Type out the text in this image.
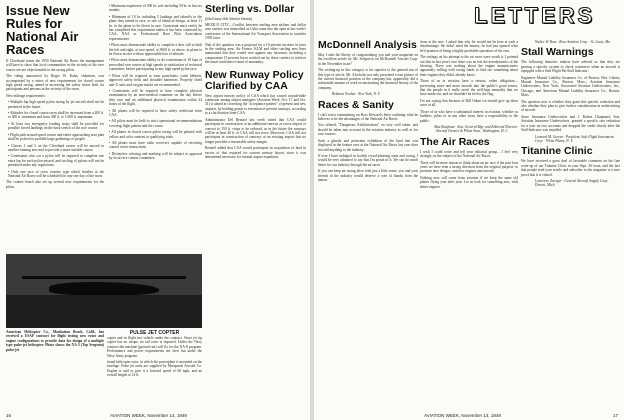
Issue New Rules for National Air Races

If Cleveland wants the 1950 National Air Races the management will have to show that local communities in the vicinity of the race course are not objectionable to the racing pilots.

The ruling announced by Roger W. Kahn, chairman, was accompanied by a series of new requirements for closed course high speed racing, aimed at increasing the safety factor both for participants and persons in the vicinity of the races.

New mileage requirements:

• Multiple lap high speed pylon racing by jet aircraft shall not be permitted in the future.

• Altitudes for closed course races shall be increased from a 200 ft. to 500 ft. minimum and from 300 ft. to 1,000 ft. maximum.

• At least two emergency landing strips shall be provided for possible forced landings on the back stretch of the race course.

• Flight path around speed course and entire approaching area plan shall be policed to prohibit large gatherings of people.

• Classes 1 and 2 on the Cleveland course will be moved to another training area and to provide a more suitable course.

• Contestants who cut a pylon will be required to complete one extra lap for each pylon missed, and circling of pylons will not be permitted under any regulations.

• Only one race of cross country type which finishes at the National Air Races will be scheduled for any one day of the races.

The contest board also set up several new requirements for the pilots.

• Minimum experience of 500 hr. solo including 50 hr. in last six months.

• Minimum of 10 hr. including 5 landings and takeoffs in the plane they intend to race, or one of identical design, at least 11 hr. in the plane to be flown in race. Contestant must certify he has completed this requirement unless it has been witnessed by CAA, NAA or Professional Race Pilot Association representative.

• Pilots must demonstrate ability to complete a dive still to both the left and right, at race speed, at 5000 ft. or above, in plane to be flown in race with no appreciable loss of altitude.

• Pilots must demonstrate ability to do a minimum of 10 laps of prescribed race course at high speeds to satisfaction of technical committee, before participating in any high speed pylon race.

• Pilots will be required to wear parachutes, crash helmets, approved safety belts and shoulder harnesses. Properly fitted anti-G suits and oxygen masks are recommended.

• Contestants will be required to have complete physical examination by an aero-medical examiner on the day before they race and an additional physical examination within 24 hours of the flight.

• All planes will be required to have safety certificate from CAA.

• All pilots must be held to strict operational recommendations covering flight pattern and the course.

• All planes in closed course pylon racing will be painted with yellow and color contrast in qualifying trials.

• All planes must have radio receivers capable of receiving control tower instructions.

• Distinctive coloring and marking will be subject to approval by local race contest committee.

Sterling vs. Dollar
(McGraw-Hill World News)

MEXICO CITY—Conflict between sterling area airlines and dollar area carriers was intensified as Cuba came into the open at last week's conference of the International Air Transport Association to consider 1950 fares.

Nub of the question was a proposal for a 10 percent increase in fares in the sterling area. Air France, KLM and other sterling area lines maintained that they would vote against any increases, including a compromise 15 percent boost worked out by these carriers to achieve the usual conference round of unanimity.

New Runway Policy Clarified by CAA

New airport runway policy of CAA which has caused considerable confusion among airport managers (Aviation Week, Oct. 17 and Oct. 31) is aimed at correcting the "acceptance pattern" of present and new airports, by holding grants to extension of present runways, according to a clarification from CAA.

Administrator Del Rentzel last week stated that CAA would participate in construction of an additional runway at a new airport or convert to 150 ft. strips to be reduced, as in the future the runways will be at least 40 ft. or CAA will not serve. Moreover, CAA will not participate in construction of runways at an existing airport that no longer provides a reasonable safety margin.

Rentzel added that CAA would participate in acquisition of land in excess of that required for current runway layout, since it was determined necessary for normal airport expansion.

American Helicopter Co., Manhattan Beach, Calif., has received a USAF contract for flight testing new rotor and engine configurations to provide data for design of a multiple type pulse-jet helicopter. Photo shows the XA-5 (Top Sergeant) pulse-jet

PULSE JET COPTER

copter and in flight test vehicle under the contract. Since jet tip copter has no torque, no tail rotor is required. Under the Navy contract the machine (ground run) will fly for the XA-8 program. Performance and power requirements are slow but under the Navy Army program.

tional helicopter rotor, in which the powerplant is mounted on the fuselage. Pulse jet units are supplied by Marquardt Aircraft Co. Engine is said to give it a forward speed of 60 mph, and an overall length of 14 ft.

16	AVIATION WEEK, November 14, 1949
LETTERS
McDonnell Analysis

May I take the liberty of congratulating you and your magazine on the excellent article by Mr. Sedgwick on McDonnell Aircraft Corp. in the November issue?

The writing-up in this category is far superior to the general run of this type of article. Mr. Alcoholic not only presented a true picture of the current financial position of the company but, apparently, did a substantial amount of work reconstructing the financial history of the company.

Belmont Towbin · New York, N. Y.
Races & Sanity

I can't resist commenting on Boss Howard's letter outlining what he believes to be the advantages of the National Air Races.

You offered, "Dangerous Exhibitionism" on very well taken, and should be taken into account in the aviation industry as well as for race courses.

Such a ghastly and persistent exhibition of the kind that was displayed in the feature race at the National Air Races last year does not add anything to the industry.

If ever I have indulged in foolish crowd-pleasing stunt and racing, I would be very ashamed to say that I'm proud of it. We can do much better for our industry through the air races.

If you can keep air racing alive with just a little sense, you and your friends in the industry would deserve a vote of thanks from the nation.

tions at the race. I asked him why he would not be here at such a disadvantage. He didn't need the money; he had just opened what he'd promise of being a highly profitable operation of his own.

The settings on his attempt to the air races were worth it. I pointed out that in last year's race there was no test the aerodynamics of the blowing. There was nothing about the engine manufacturers apparently willing with racing funds to find out something about their engines they didn't already know.

Those of us in aviation have a serious, rather obligation—preventing more and more inroads into the public's good senses, that the people in it really aren't the well-kept mentality that we have made out, and we shouldn't be tied to the flag.

I'm not saying that because of Bill Odom we should give up these races at all.

Those of us who have a substantial interest in aviation, whether as builders, pilots or in any other form, have a responsibility to the public.

Max Kaufman · Asst. General Mgr. and Editorial Director · Aircraft Owners & Pilots Assn., Washington, D. C.
The Air Races

I wish I could write and tell your editorial group... I feel very strongly on the subject of the National Air Races.

There will be more reason to think about an air race if the past four years we have seen a strong direction from the original purpose, to promote new designs, and new engines and aircraft.

Nothing now will come from aviation if we keep the same old planes flying year after year. Let us look for something new, with better engines.

Walter W. Ross · Ross Aviation Corp. · St. Louis, Mo.
Stall Warnings

The following domestic makers have advised us that they are gearing a specific system to check commerce when an aircraft is equipped with a Safe Flight Pat Stall Indicator:

Engineers Mutual Liability Insurance Co. of Boston; Wes. Liberty Mutual Insurance Co., Boston, Mass.; Aviation Insurance Underwriters, New York; Associated Aviation Underwriters, Inc., Chicago; and American Mutual Liability Insurance Co., Boston, Mass.

The question now is whether they grant this specific reduction and also whether they plan to give further consideration in underwriting of aircraft.

Since Insurance Underwriters and J. Robert Chapman's Son, Aviation Insurance Underwriters, granted a specific rate reduction for a year on two accounts and dropped the credit shortly after the Stall Indicator was installed.

Leonard M. Greene · President, Safe Flight Instrument Corp. · White Plains, N. Y.
Titanine Clinic

We have received a great deal of favorable comment on the fine write-up of our Titanine Clinic in your Sept. 26 issue, and the fact that people read your article and subscribe to the magazine is a sure proof that it is valued.

Lawrence Zweiger · General Aircraft Supply Corp. · Detroit, Mich.
AVIATION WEEK, November 14, 1949	17
